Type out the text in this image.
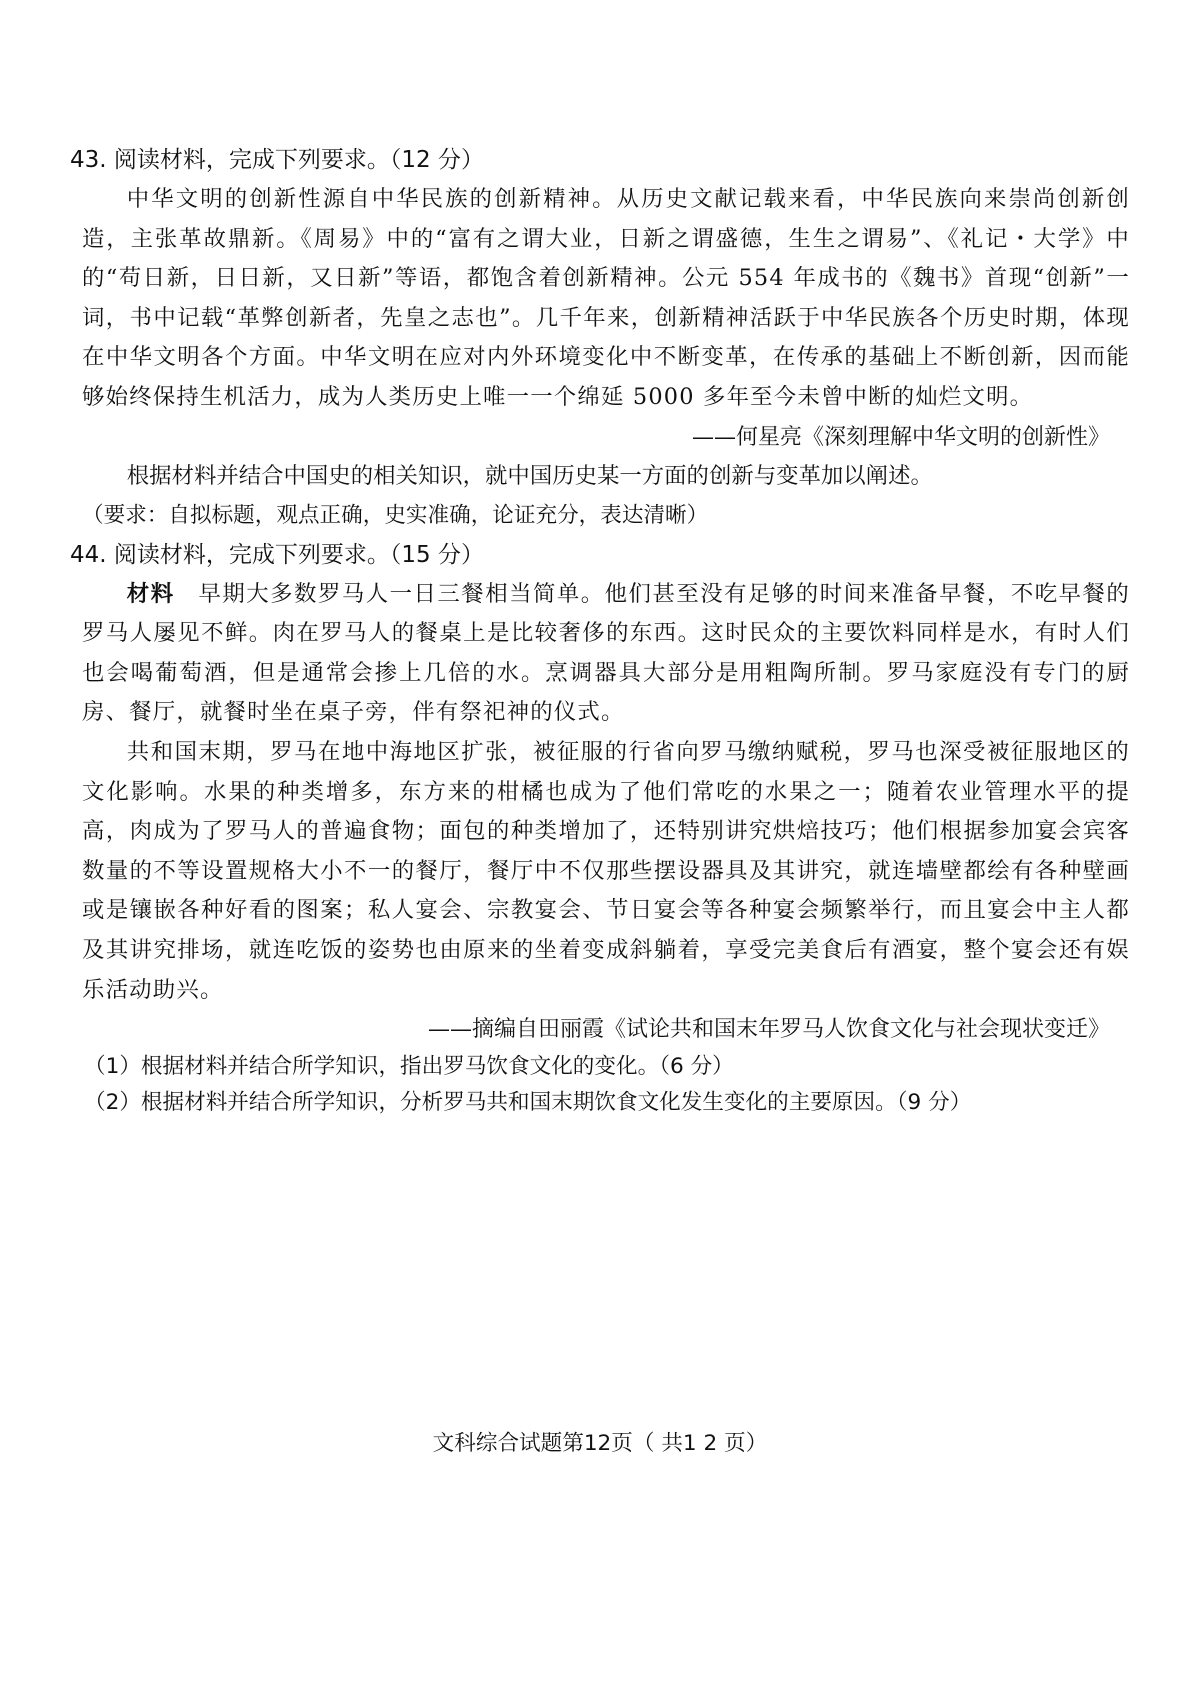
43. 阅读材料，完成下列要求。（12 分）

中华文明的创新性源自中华民族的创新精神。从历史文献记载来看，中华民族向来崇尚创新创造，主张革故鼎新。《周易》中的“富有之谓大业，日新之谓盛德，生生之谓易”、《礼记・大学》中的“苟日新，日日新，又日新”等语，都饱含着创新精神。公元 554 年成书的《魏书》首现“创新”一词，书中记载“革弊创新者，先皇之志也”。几千年来，创新精神活跃于中华民族各个历史时期，体现在中华文明各个方面。中华文明在应对内外环境变化中不断变革，在传承的基础上不断创新，因而能够始终保持生机活力，成为人类历史上唯一一个绵延 5000 多年至今未曾中断的灿烂文明。

——何星亮《深刻理解中华文明的创新性》

根据材料并结合中国史的相关知识，就中国历史某一方面的创新与变革加以阐述。

（要求：自拟标题，观点正确，史实准确，论证充分，表达清晰）

44. 阅读材料，完成下列要求。（15 分）

材料  早期大多数罗马人一日三餐相当简单。他们甚至没有足够的时间来准备早餐，不吃早餐的罗马人屡见不鲜。肉在罗马人的餐桌上是比较奢侈的东西。这时民众的主要饮料同样是水，有时人们也会喝葡萄酒，但是通常会掺上几倍的水。烹调器具大部分是用粗陶所制。罗马家庭没有专门的厨房、餐厅，就餐时坐在桌子旁，伴有祭祀神的仪式。

共和国末期，罗马在地中海地区扩张，被征服的行省向罗马缴纳赋税，罗马也深受被征服地区的文化影响。水果的种类增多，东方来的柑橘也成为了他们常吃的水果之一；随着农业管理水平的提高，肉成为了罗马人的普遍食物；面包的种类增加了，还特别讲究烘焙技巧；他们根据参加宴会宾客数量的不等设置规格大小不一的餐厅，餐厅中不仅那些摆设器具及其讲究，就连墙壁都绘有各种壁画或是镶嵌各种好看的图案；私人宴会、宗教宴会、节日宴会等各种宴会频繁举行，而且宴会中主人都及其讲究排场，就连吃饭的姿势也由原来的坐着变成斜躺着，享受完美食后有酒宴，整个宴会还有娱乐活动助兴。

——摘编自田丽霞《试论共和国末年罗马人饮食文化与社会现状变迁》

（1）根据材料并结合所学知识，指出罗马饮食文化的变化。（6 分）

（2）根据材料并结合所学知识，分析罗马共和国末期饮食文化发生变化的主要原因。（9 分）

文科综合试题第12页（ 共1 2 页）
